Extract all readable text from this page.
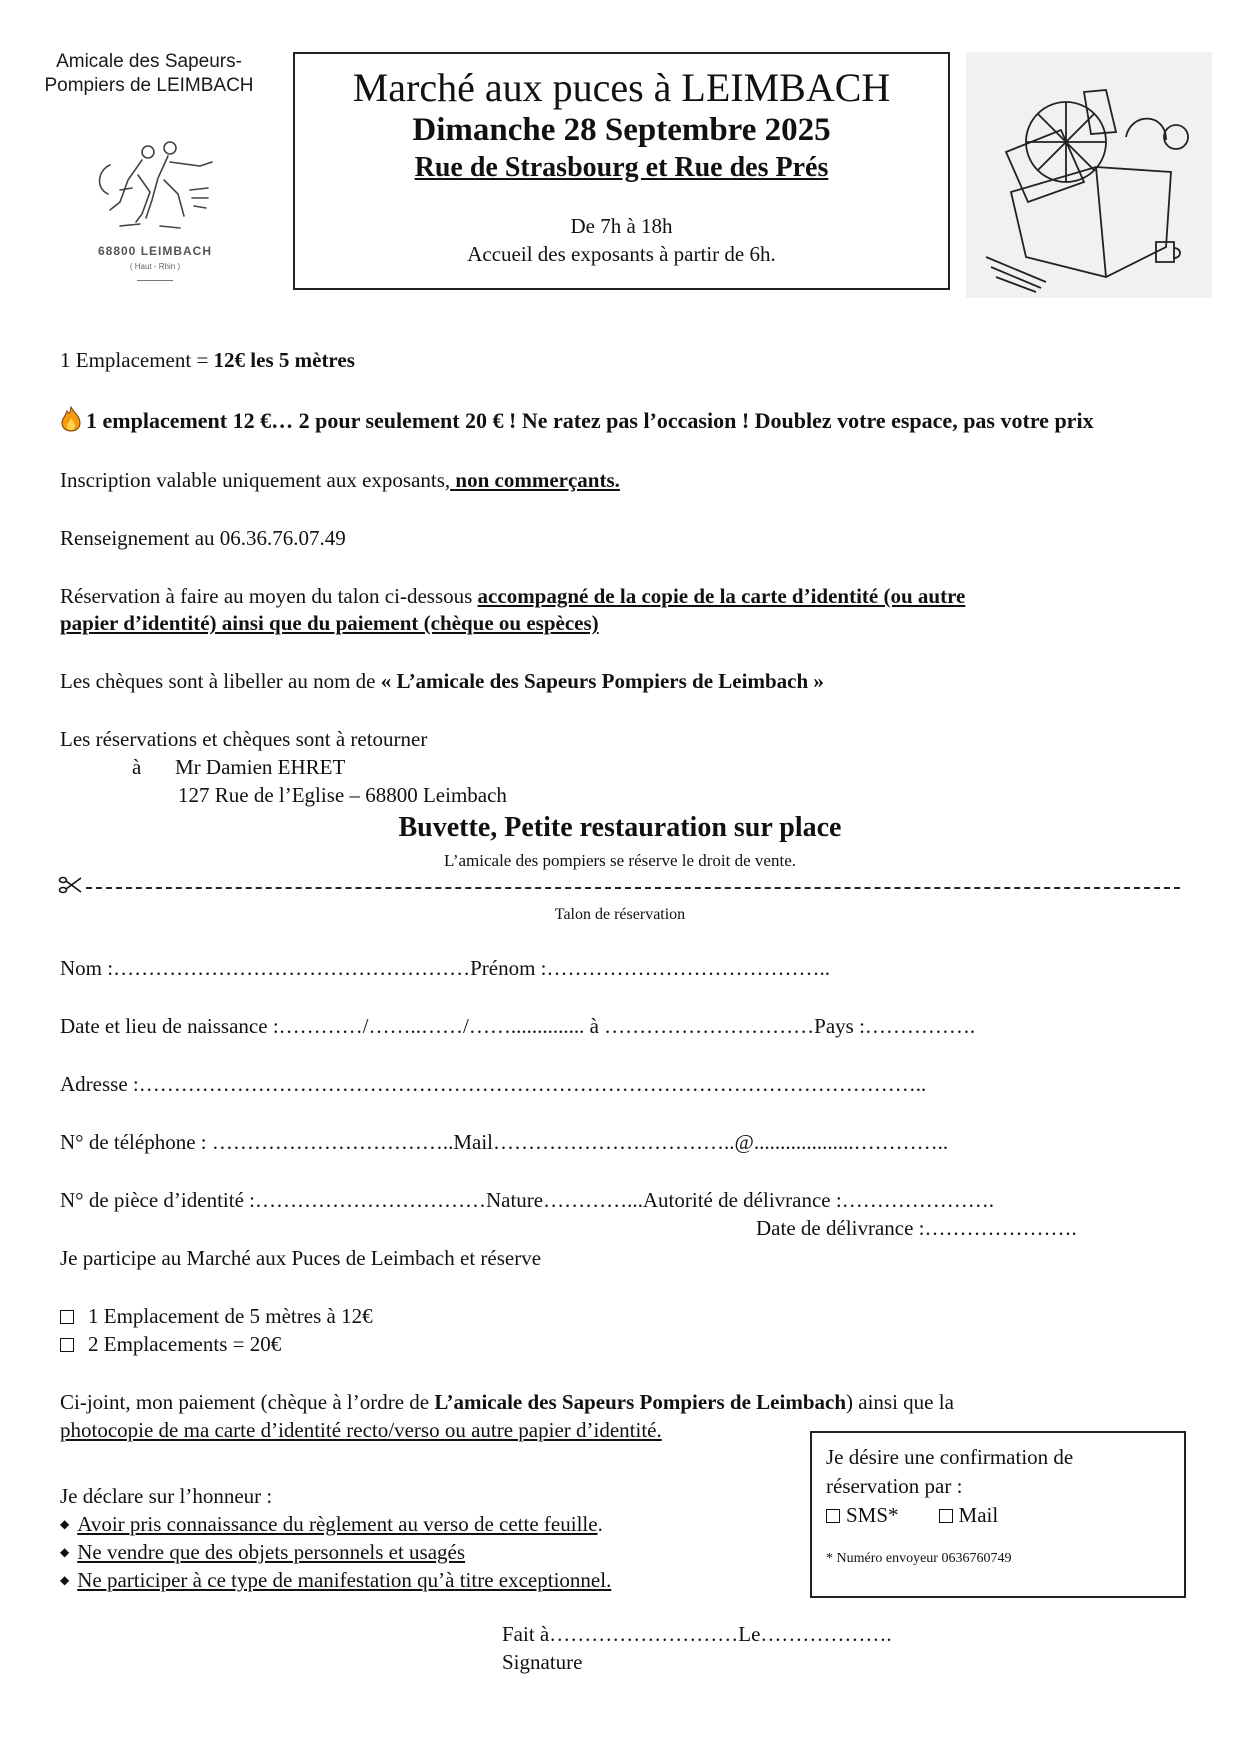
Amicale des Sapeurs-
Pompiers de LEIMBACH
68800 LEIMBACH
( Haut - Rhin )
Marché aux puces à LEIMBACH
Dimanche 28 Septembre 2025
Rue de Strasbourg et Rue des Prés
De 7h à 18h
Accueil des exposants à partir de 6h.
1 Emplacement = 12€ les 5 mètres
1 emplacement 12 €… 2 pour seulement 20 € ! Ne ratez pas l’occasion ! Doublez votre espace, pas votre prix
Inscription valable uniquement aux exposants, non commerçants.
Renseignement au 06.36.76.07.49
Réservation à faire au moyen du talon ci-dessous accompagné de la copie de la carte d’identité (ou autre
papier d’identité) ainsi que du paiement (chèque ou espèces)
Les chèques sont à libeller au nom de « L’amicale des Sapeurs Pompiers de Leimbach »
Les réservations et chèques sont à retourner
à Mr Damien EHRET
127 Rue de l’Eglise – 68800 Leimbach
Buvette, Petite restauration sur place
L’amicale des pompiers se réserve le droit de vente.
Talon de réservation
Nom :……………………………………………Prénom :…………………………………..
Date et lieu de naissance :…………/……..……/…….............. à …………………………Pays :…………….
Adresse :…………………………………………………………………………………………………..
N° de téléphone : ……………………………..Mail……………………………..@...................…………..
N° de pièce d’identité :……………………………Nature…………...Autorité de délivrance :………………….
Date de délivrance :………………….
Je participe au Marché aux Puces de Leimbach et réserve
1 Emplacement de 5 mètres à 12€
2 Emplacements = 20€
Ci-joint, mon paiement (chèque à l’ordre de L’amicale des Sapeurs Pompiers de Leimbach) ainsi que la
photocopie de ma carte d’identité recto/verso ou autre papier d’identité.
Je déclare sur l’honneur :
◆ Avoir pris connaissance du règlement au verso de cette feuille.
◆ Ne vendre que des objets personnels et usagés
◆ Ne participer à ce type de manifestation qu’à titre exceptionnel.
Je désire une confirmation de réservation par :
SMS*	Mail
* Numéro envoyeur 0636760749
Fait à………………………Le……………….
Signature
